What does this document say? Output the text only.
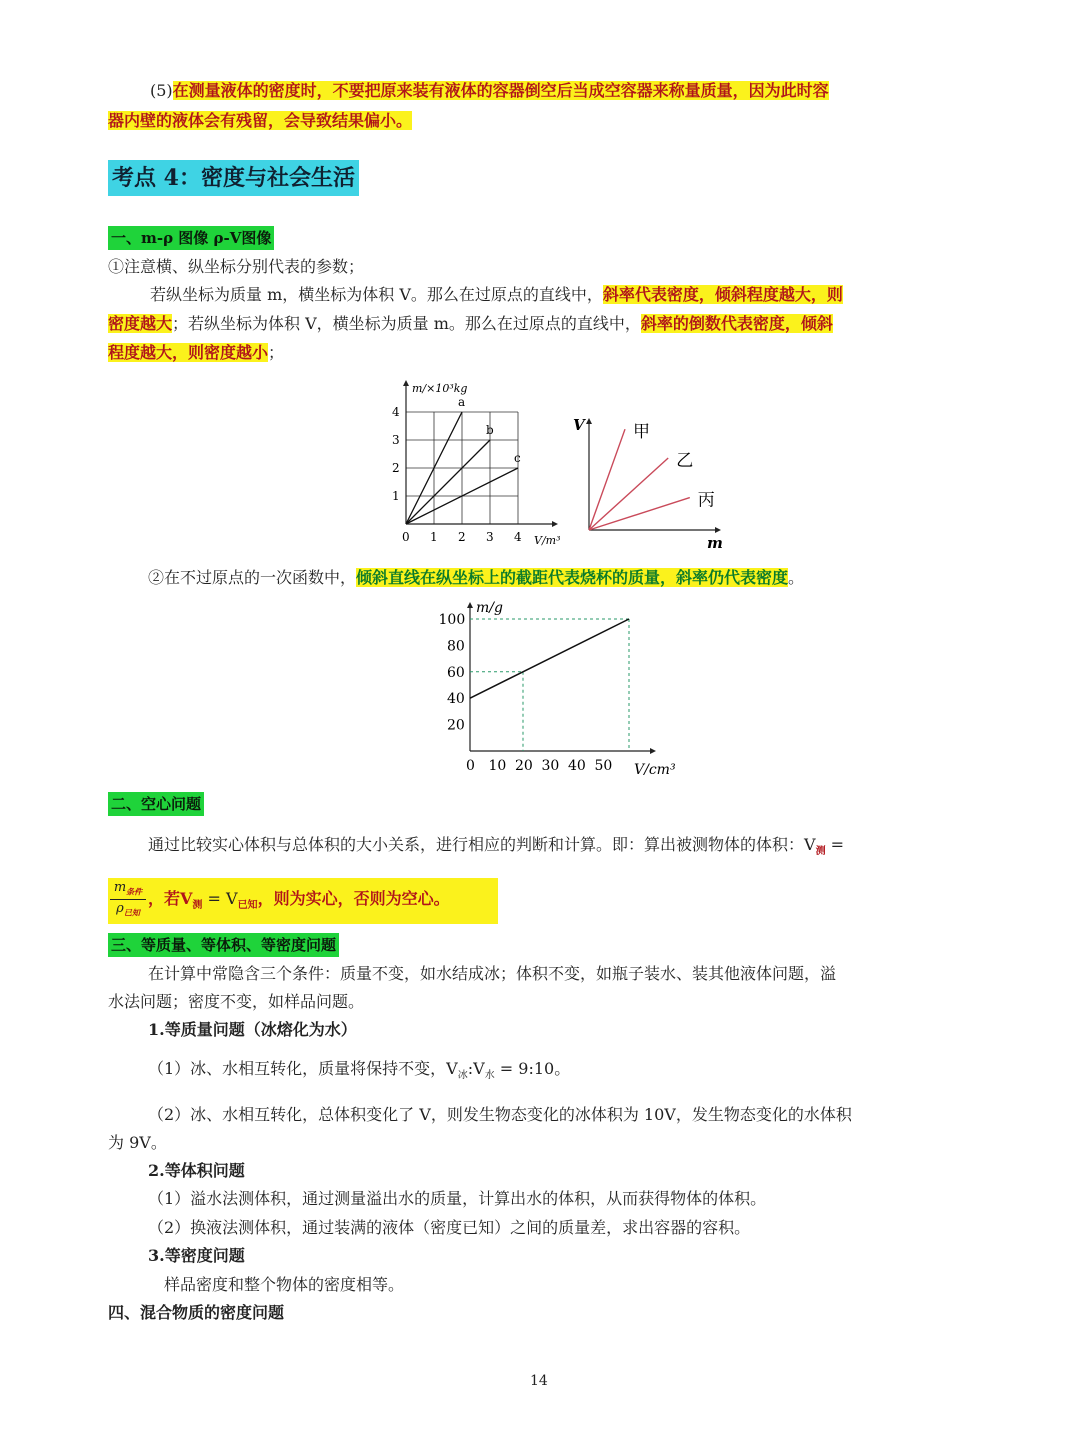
(5)在测量液体的密度时，不要把原来装有液体的容器倒空后当成空容器来称量质量，因为此时容
器内壁的液体会有残留，会导致结果偏小。
考点 4：密度与社会生活
一、m-ρ 图像 ρ-V图像
①注意横、纵坐标分别代表的参数；
若纵坐标为质量 m，横坐标为体积 V。那么在过原点的直线中，斜率代表密度，倾斜程度越大，则
密度越大；若纵坐标为体积 V，横坐标为质量 m。那么在过原点的直线中，斜率的倒数代表密度，倾斜
程度越大，则密度越小；
a
b
c
0 1 2 3 4
1
2
3
4
m/×10³kg
V/m³
甲
乙
丙
V
m
②在不过原点的一次函数中，倾斜直线在纵坐标上的截距代表烧杯的质量，斜率仍代表密度。
0 10 20 30 40 50
20
40
60
80
100
m/g
V/cm³
二、空心问题
通过比较实心体积与总体积的大小关系，进行相应的判断和计算。即：算出被测物体的体积：$V_测$ =
$m_{条件}$
$\rho_{已知}$
，若$V_测 = V_{已知}$，则为实心，否则为空心。
三、等质量、等体积、等密度问题
在计算中常隐含三个条件：质量不变，如水结成冰；体积不变，如瓶子装水、装其他液体问题，溢
水法问题；密度不变，如样品问题。
1.等质量问题（冰熔化为水）
（1）冰、水相互转化，质量将保持不变，$V_冰:V_水$ = 9:10。
（2）冰、水相互转化，总体积变化了 V，则发生物态变化的冰体积为 10V，发生物态变化的水体积
为 9V。
2.等体积问题
（1）溢水法测体积，通过测量溢出水的质量，计算出水的体积，从而获得物体的体积。
（2）换液法测体积，通过装满的液体（密度已知）之间的质量差，求出容器的容积。
3.等密度问题
样品密度和整个物体的密度相等。
四、混合物质的密度问题
14
